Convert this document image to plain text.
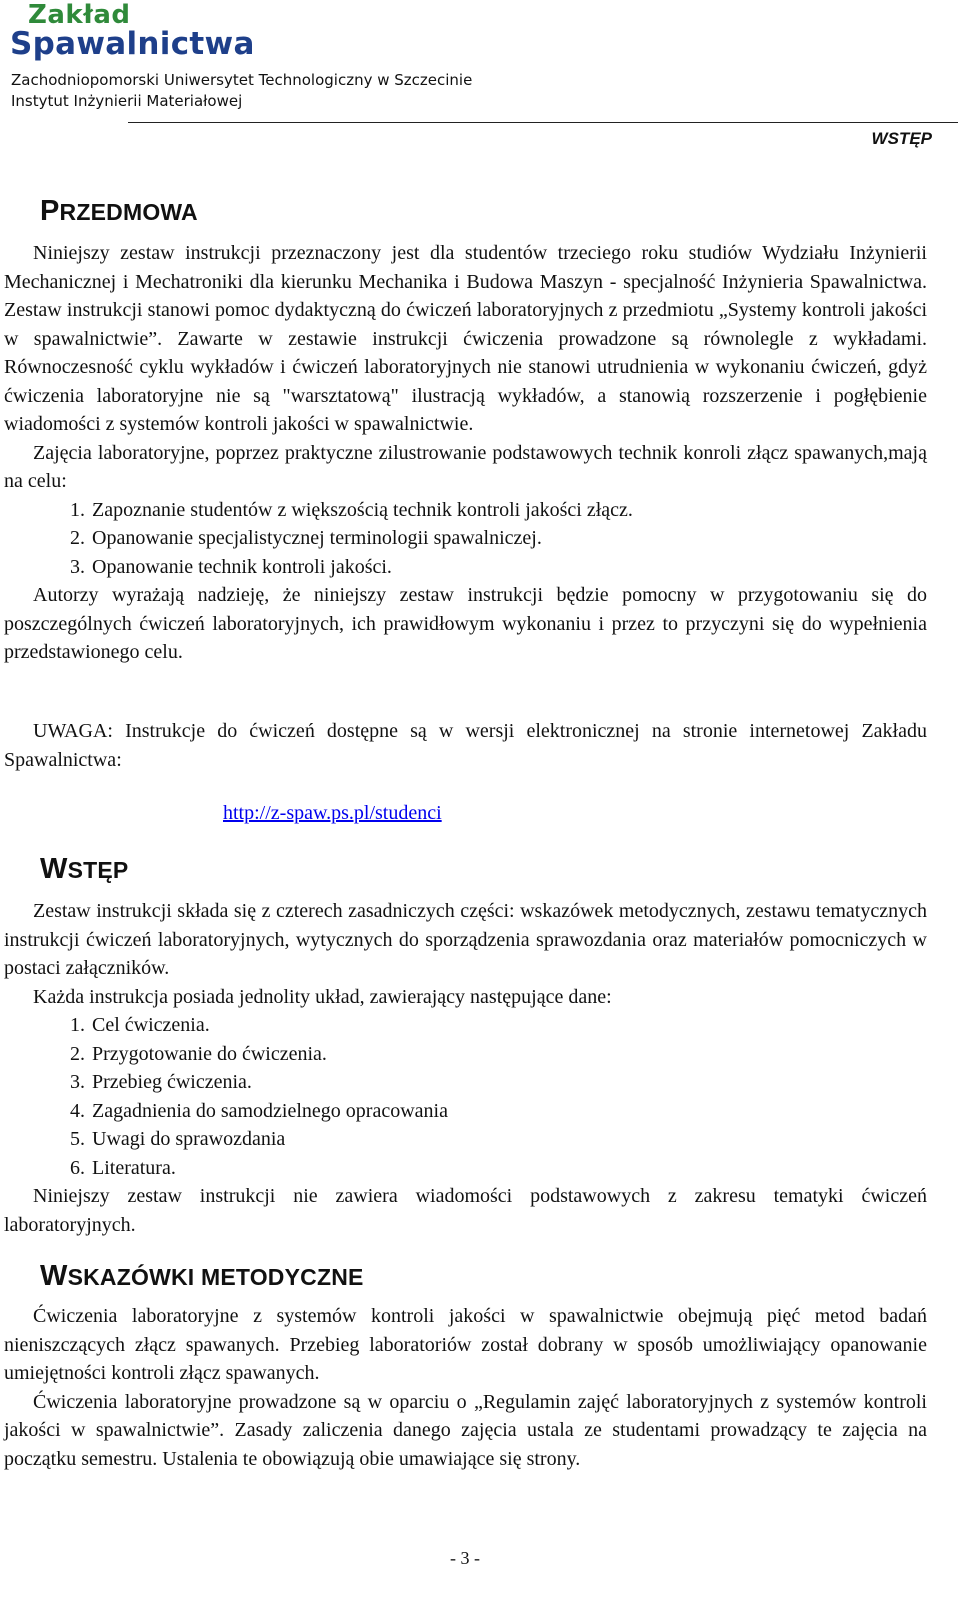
Zakład
Spawalnictwa
Zachodniopomorski Uniwersytet Technologiczny w Szczecinie
Instytut Inżynierii Materiałowej
WSTĘP
PRZEDMOWA

Niniejszy zestaw instrukcji przeznaczony jest dla studentów trzeciego roku studiów Wydziału Inżynierii Mechanicznej i Mechatroniki dla kierunku Mechanika i Budowa Maszyn - specjalność Inżynieria Spawalnictwa. Zestaw instrukcji stanowi pomoc dydaktyczną do ćwiczeń laboratoryjnych z przedmiotu „Systemy kontroli jakości w spawalnictwie”. Zawarte w zestawie instrukcji ćwiczenia prowadzone są równolegle z wykładami. Równoczesność cyklu wykładów i ćwiczeń laboratoryjnych nie stanowi utrudnienia w wykonaniu ćwiczeń, gdyż ćwiczenia laboratoryjne nie są "warsztatową" ilustracją wykładów, a stanowią rozszerzenie i pogłębienie wiadomości z systemów kontroli jakości w spawalnictwie.

Zajęcia laboratoryjne, poprzez praktyczne zilustrowanie podstawowych technik konroli złącz spawanych,mają na celu:

1. Zapoznanie studentów z większością technik kontroli jakości złącz.
2. Opanowanie specjalistycznej terminologii spawalniczej.
3. Opanowanie technik kontroli jakości.

Autorzy wyrażają nadzieję, że niniejszy zestaw instrukcji będzie pomocny w przygotowaniu się do poszczególnych ćwiczeń laboratoryjnych, ich prawidłowym wykonaniu i przez to przyczyni się do wypełnienia przedstawionego celu.

UWAGA: Instrukcje do ćwiczeń dostępne są w wersji elektronicznej na stronie internetowej Zakładu Spawalnictwa:

http://z-spaw.ps.pl/studenci
WSTĘP

Zestaw instrukcji składa się z czterech zasadniczych części: wskazówek metodycznych, zestawu tematycznych instrukcji ćwiczeń laboratoryjnych, wytycznych do sporządzenia sprawozdania oraz materiałów pomocniczych w postaci załączników.

Każda instrukcja posiada jednolity układ, zawierający następujące dane:

1. Cel ćwiczenia.
2. Przygotowanie do ćwiczenia.
3. Przebieg ćwiczenia.
4. Zagadnienia do samodzielnego opracowania
5. Uwagi do sprawozdania
6. Literatura.

Niniejszy zestaw instrukcji nie zawiera wiadomości podstawowych z zakresu tematyki ćwiczeń laboratoryjnych.

WSKAZÓWKI METODYCZNE

Ćwiczenia laboratoryjne z systemów kontroli jakości w spawalnictwie obejmują pięć metod badań nieniszczących złącz spawanych. Przebieg laboratoriów został dobrany w sposób umożliwiający opanowanie umiejętności kontroli złącz spawanych.

Ćwiczenia laboratoryjne prowadzone są w oparciu o „Regulamin zajęć laboratoryjnych z systemów kontroli jakości w spawalnictwie”. Zasady zaliczenia danego zajęcia ustala ze studentami prowadzący te zajęcia na początku semestru. Ustalenia te obowiązują obie umawiające się strony.

- 3 -
